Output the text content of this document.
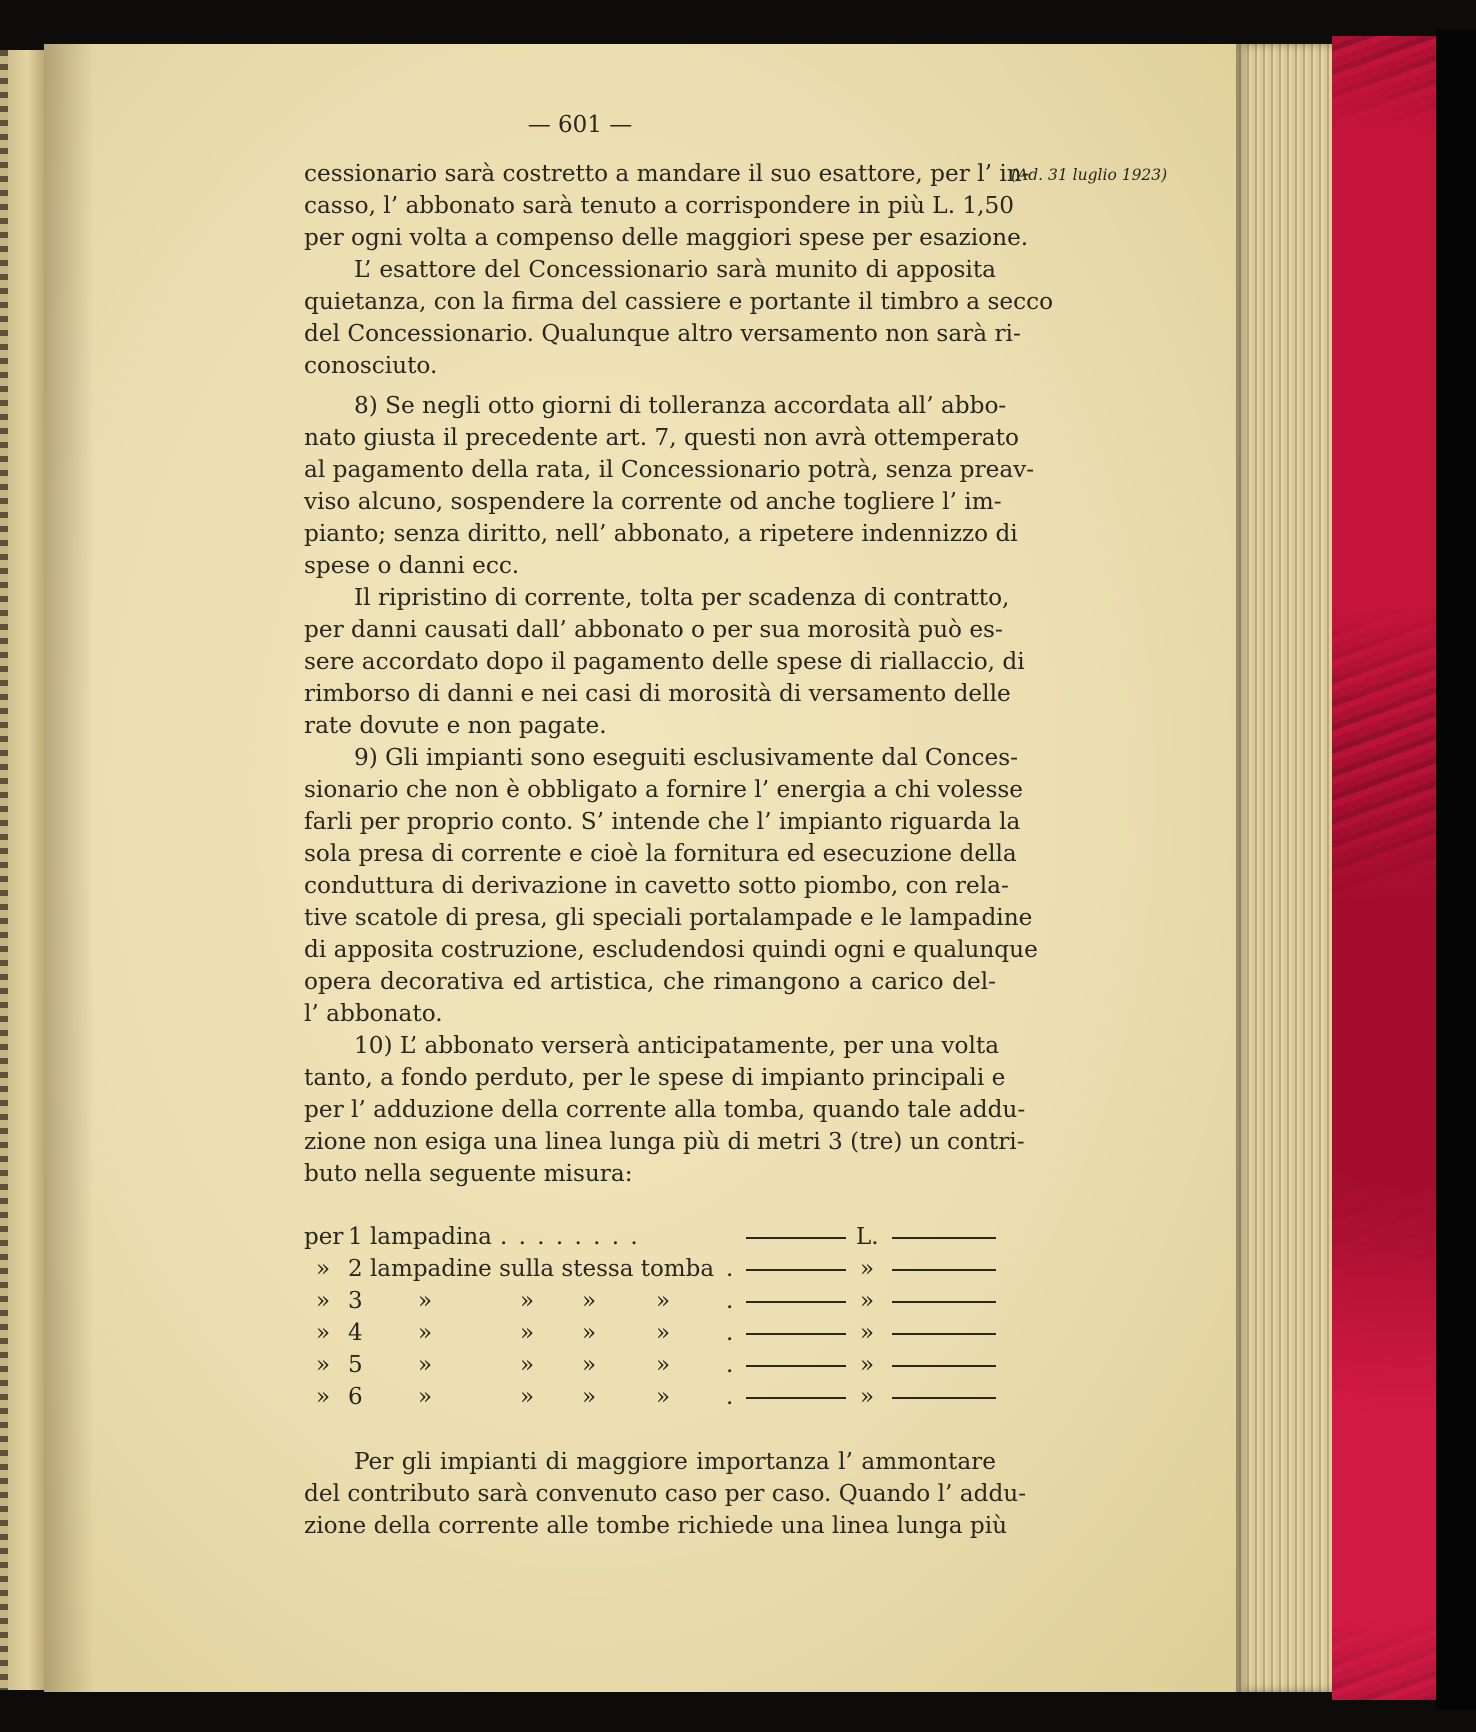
— 601 —
(Ad. 31 luglio 1923)
cessionario sarà costretto a mandare il suo esattore, per l’ in-
casso, l’ abbonato sarà tenuto a corrispondere in più L. 1,50
per ogni volta a compenso delle maggiori spese per esazione.
L’ esattore del Concessionario sarà munito di apposita
quietanza, con la firma del cassiere e portante il timbro a secco
del Concessionario. Qualunque altro versamento non sarà ri-
conosciuto.
8) Se negli otto giorni di tolleranza accordata all’ abbo-
nato giusta il precedente art. 7, questi non avrà ottemperato
al pagamento della rata, il Concessionario potrà, senza preav-
viso alcuno, sospendere la corrente od anche togliere l’ im-
pianto; senza diritto, nell’ abbonato, a ripetere indennizzo di
spese o danni ecc.
Il ripristino di corrente, tolta per scadenza di contratto,
per danni causati dall’ abbonato o per sua morosità può es-
sere accordato dopo il pagamento delle spese di riallaccio, di
rimborso di danni e nei casi di morosità di versamento delle
rate dovute e non pagate.
9) Gli impianti sono eseguiti esclusivamente dal Conces-
sionario che non è obbligato a fornire l’ energia a chi volesse
farli per proprio conto. S’ intende che l’ impianto riguarda la
sola presa di corrente e cioè la fornitura ed esecuzione della
conduttura di derivazione in cavetto sotto piombo, con rela-
tive scatole di presa, gli speciali portalampade e le lampadine
di apposita costruzione, escludendosi quindi ogni e qualunque
opera decorativa ed artistica, che rimangono a carico del-
l’ abbonato.
10) L’ abbonato verserà anticipatamente, per una volta
tanto, a fondo perduto, per le spese di impianto principali e
per l’ adduzione della corrente alla tomba, quando tale addu-
zione non esiga una linea lunga più di metri 3 (tre) un contri-
buto nella seguente misura:
Per gli impianti di maggiore importanza l’ ammontare
del contributo sarà convenuto caso per caso. Quando l’ addu-
zione della corrente alle tombe richiede una linea lunga più
per 1 lampadina . . . . . . . .	L.
» 2 lampadine sulla stessa tomba .	»
» 3 »	» »	» .	»
» 4 »	» »	» .	»
» 5 »	» »	» .	»
» 6 »	» »	» .	»
